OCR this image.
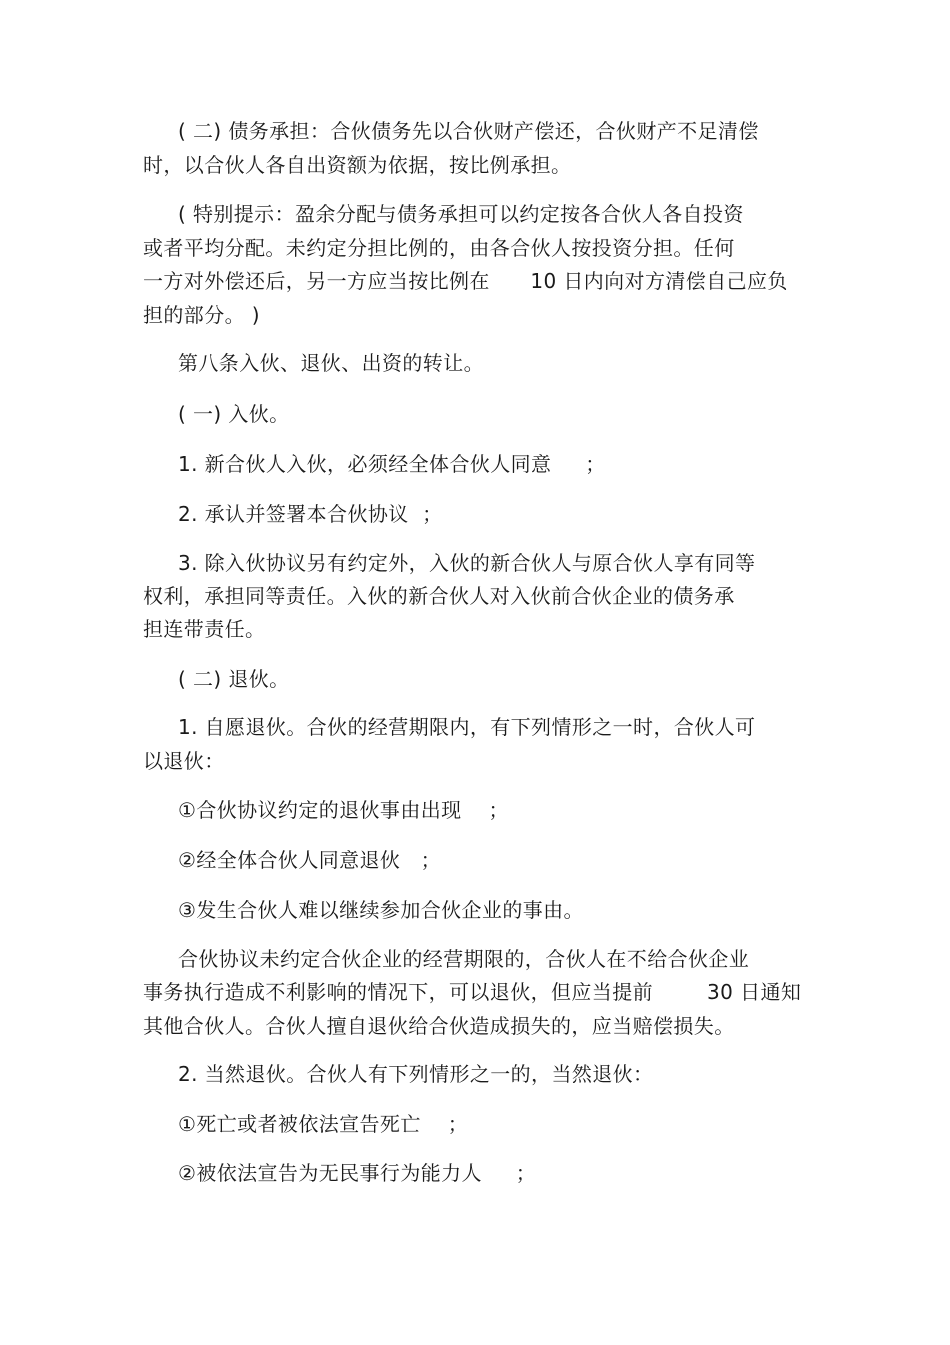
( 二) 债务承担：合伙债务先以合伙财产偿还，合伙财产不足清偿
时，以合伙人各自出资额为依据，按比例承担。
( 特别提示：盈余分配与债务承担可以约定按各合伙人各自投资
或者平均分配。未约定分担比例的，由各合伙人按投资分担。任何
一方对外偿还后，另一方应当按比例在      10 日内向对方清偿自己应负
担的部分。 )
第八条入伙、退伙、出资的转让。
( 一) 入伙。
1. 新合伙人入伙，必须经全体合伙人同意     ；
2. 承认并签署本合伙协议  ；
3. 除入伙协议另有约定外，入伙的新合伙人与原合伙人享有同等
权利，承担同等责任。入伙的新合伙人对入伙前合伙企业的债务承
担连带责任。
( 二) 退伙。
1. 自愿退伙。合伙的经营期限内，有下列情形之一时，合伙人可
以退伙：
①合伙协议约定的退伙事由出现    ；
②经全体合伙人同意退伙   ；
③发生合伙人难以继续参加合伙企业的事由。
合伙协议未约定合伙企业的经营期限的，合伙人在不给合伙企业
事务执行造成不利影响的情况下，可以退伙，但应当提前        30 日通知
其他合伙人。合伙人擅自退伙给合伙造成损失的，应当赔偿损失。
2. 当然退伙。合伙人有下列情形之一的，当然退伙：
①死亡或者被依法宣告死亡    ；
②被依法宣告为无民事行为能力人     ；
